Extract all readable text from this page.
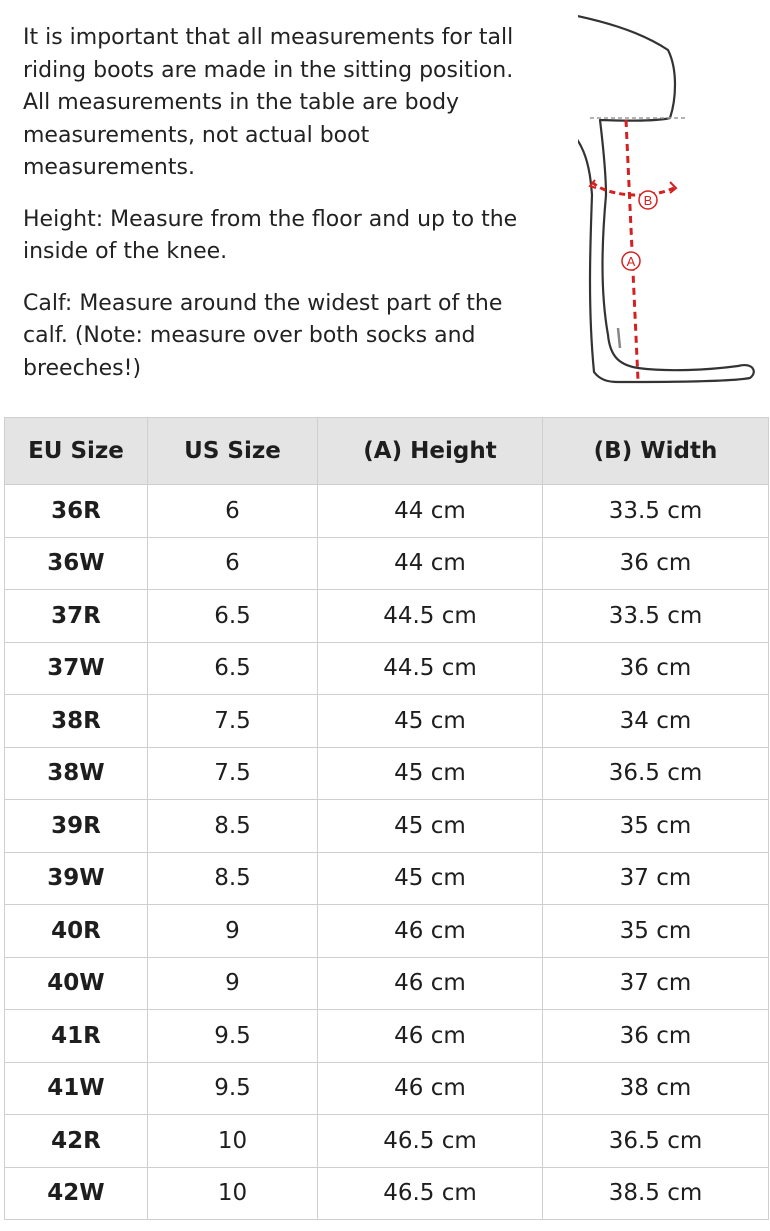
It is important that all measurements for tall riding boots are made in the sitting position. All measurements in the table are body measurements, not actual boot measurements.

Height: Measure from the floor and up to the inside of the knee.

Calf: Measure around the widest part of the calf. (Note: measure over both socks and breeches!)

B
A
EU Size	US Size	(A) Height	(B) Width
36R	6	44 cm	33.5 cm
36W	6	44 cm	36 cm
37R	6.5	44.5 cm	33.5 cm
37W	6.5	44.5 cm	36 cm
38R	7.5	45 cm	34 cm
38W	7.5	45 cm	36.5 cm
39R	8.5	45 cm	35 cm
39W	8.5	45 cm	37 cm
40R	9	46 cm	35 cm
40W	9	46 cm	37 cm
41R	9.5	46 cm	36 cm
41W	9.5	46 cm	38 cm
42R	10	46.5 cm	36.5 cm
42W	10	46.5 cm	38.5 cm
